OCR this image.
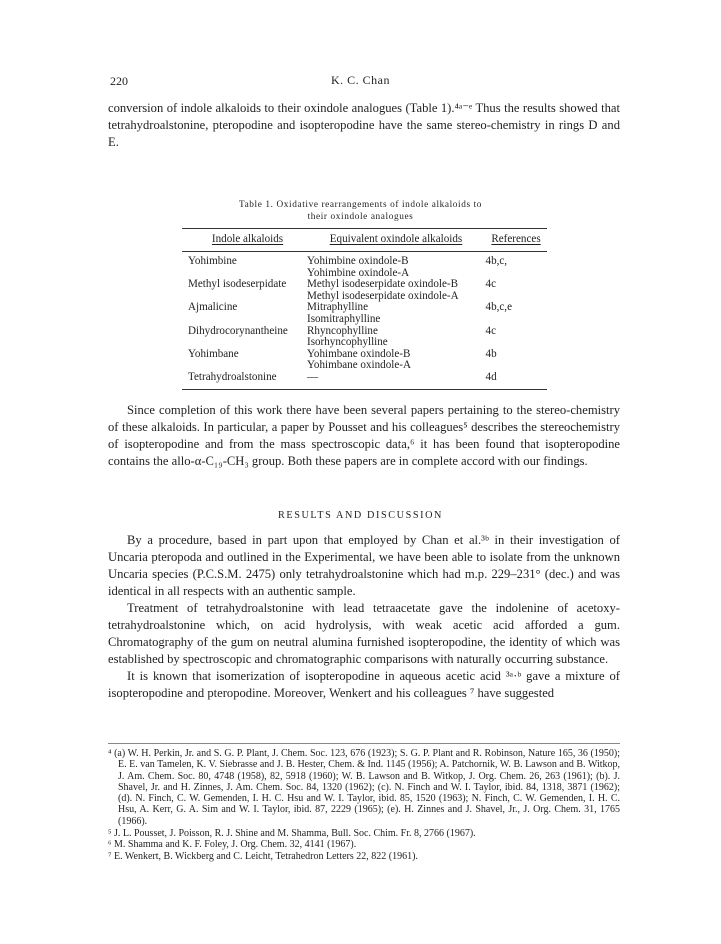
220	K. C. Chan

conversion of indole alkaloids to their oxindole analogues (Table 1).⁴ᵃ⁻ᵉ Thus the results showed that tetrahydroalstonine, pteropodine and isopteropodine have the same stereo-chemistry in rings D and E.

Table 1. Oxidative rearrangements of indole alkaloids to
their oxindole analogues
Indole alkaloids	Equivalent oxindole alkaloids	References
Yohimbine	Yohimbine oxindole-B	4b,c,
Yohimbine oxindole-A
Methyl isodeserpidate	Methyl isodeserpidate oxindole-B	4c
Methyl isodeserpidate oxindole-A
Ajmalicine	Mitraphylline	4b,c,e
Isomitraphylline
Dihydrocorynantheine	Rhyncophylline	4c
Isorhyncophylline
Yohimbane	Yohimbane oxindole-B	4b
Yohimbane oxindole-A
Tetrahydroalstonine	—	4d

Since completion of this work there have been several papers pertaining to the stereo-chemistry of these alkaloids. In particular, a paper by Pousset and his colleagues⁵ describes the stereochemistry of isopteropodine and from the mass spectroscopic data,⁶ it has been found that isopteropodine contains the allo-α-C₁₉-CH₃ group. Both these papers are in complete accord with our findings.

RESULTS AND DISCUSSION

By a procedure, based in part upon that employed by Chan et al.³ᵇ in their investigation of Uncaria pteropoda and outlined in the Experimental, we have been able to isolate from the unknown Uncaria species (P.C.S.M. 2475) only tetrahydroalstonine which had m.p. 229–231° (dec.) and was identical in all respects with an authentic sample.

Treatment of tetrahydroalstonine with lead tetraacetate gave the indolenine of acetoxy-tetrahydroalstonine which, on acid hydrolysis, with weak acetic acid afforded a gum. Chromatography of the gum on neutral alumina furnished isopteropodine, the identity of which was established by spectroscopic and chromatographic comparisons with naturally occurring substance.

It is known that isomerization of isopteropodine in aqueous acetic acid ³ᵃ·ᵇ gave a mixture of isopteropodine and pteropodine. Moreover, Wenkert and his colleagues ⁷ have suggested

⁴ (a) W. H. Perkin, Jr. and S. G. P. Plant, J. Chem. Soc. 123, 676 (1923); S. G. P. Plant and R. Robinson, Nature 165, 36 (1950); E. E. van Tamelen, K. V. Siebrasse and J. B. Hester, Chem. & Ind. 1145 (1956); A. Patchornik, W. B. Lawson and B. Witkop, J. Am. Chem. Soc. 80, 4748 (1958), 82, 5918 (1960); W. B. Lawson and B. Witkop, J. Org. Chem. 26, 263 (1961); (b). J. Shavel, Jr. and H. Zinnes, J. Am. Chem. Soc. 84, 1320 (1962); (c). N. Finch and W. I. Taylor, ibid. 84, 1318, 3871 (1962); (d). N. Finch, C. W. Gemenden, I. H. C. Hsu and W. I. Taylor, ibid. 85, 1520 (1963); N. Finch, C. W. Gemenden, I. H. C. Hsu, A. Kerr, G. A. Sim and W. I. Taylor, ibid. 87, 2229 (1965); (e). H. Zinnes and J. Shavel, Jr., J. Org. Chem. 31, 1765 (1966).

⁵ J. L. Pousset, J. Poisson, R. J. Shine and M. Shamma, Bull. Soc. Chim. Fr. 8, 2766 (1967).

⁶ M. Shamma and K. F. Foley, J. Org. Chem. 32, 4141 (1967).

⁷ E. Wenkert, B. Wickberg and C. Leicht, Tetrahedron Letters 22, 822 (1961).
